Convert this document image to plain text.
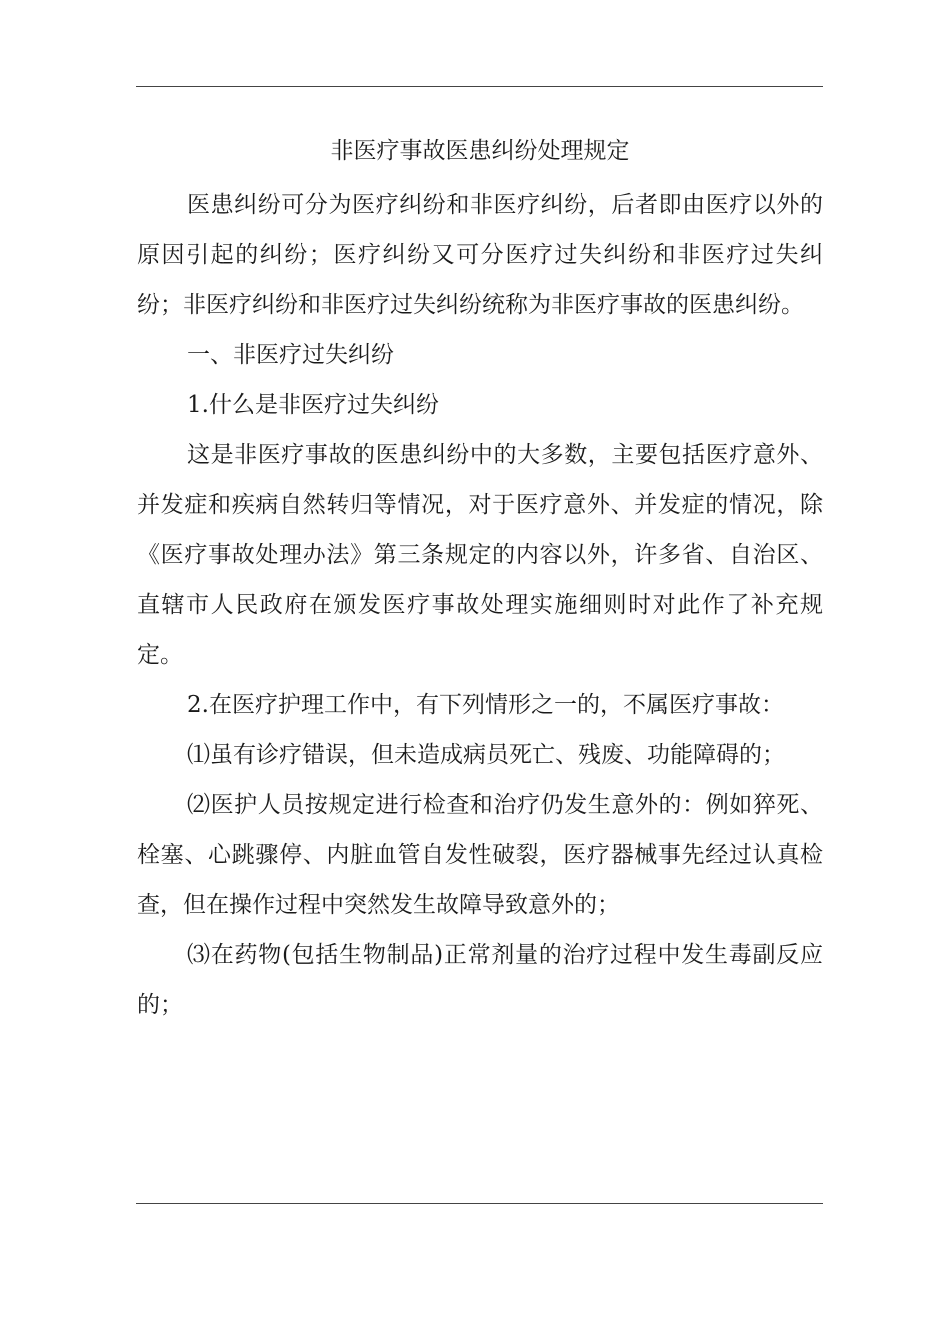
非医疗事故医患纠纷处理规定

医患纠纷可分为医疗纠纷和非医疗纠纷，后者即由医疗以外的原因引起的纠纷；医疗纠纷又可分医疗过失纠纷和非医疗过失纠纷；非医疗纠纷和非医疗过失纠纷统称为非医疗事故的医患纠纷。

一、非医疗过失纠纷

1.什么是非医疗过失纠纷

这是非医疗事故的医患纠纷中的大多数，主要包括医疗意外、并发症和疾病自然转归等情况，对于医疗意外、并发症的情况，除《医疗事故处理办法》第三条规定的内容以外，许多省、自治区、直辖市人民政府在颁发医疗事故处理实施细则时对此作了补充规定。

2.在医疗护理工作中，有下列情形之一的，不属医疗事故：

⑴虽有诊疗错误，但未造成病员死亡、残废、功能障碍的；

⑵医护人员按规定进行检查和治疗仍发生意外的：例如猝死、栓塞、心跳骤停、内脏血管自发性破裂，医疗器械事先经过认真检查，但在操作过程中突然发生故障导致意外的；

⑶在药物(包括生物制品)正常剂量的治疗过程中发生毒副反应的；
